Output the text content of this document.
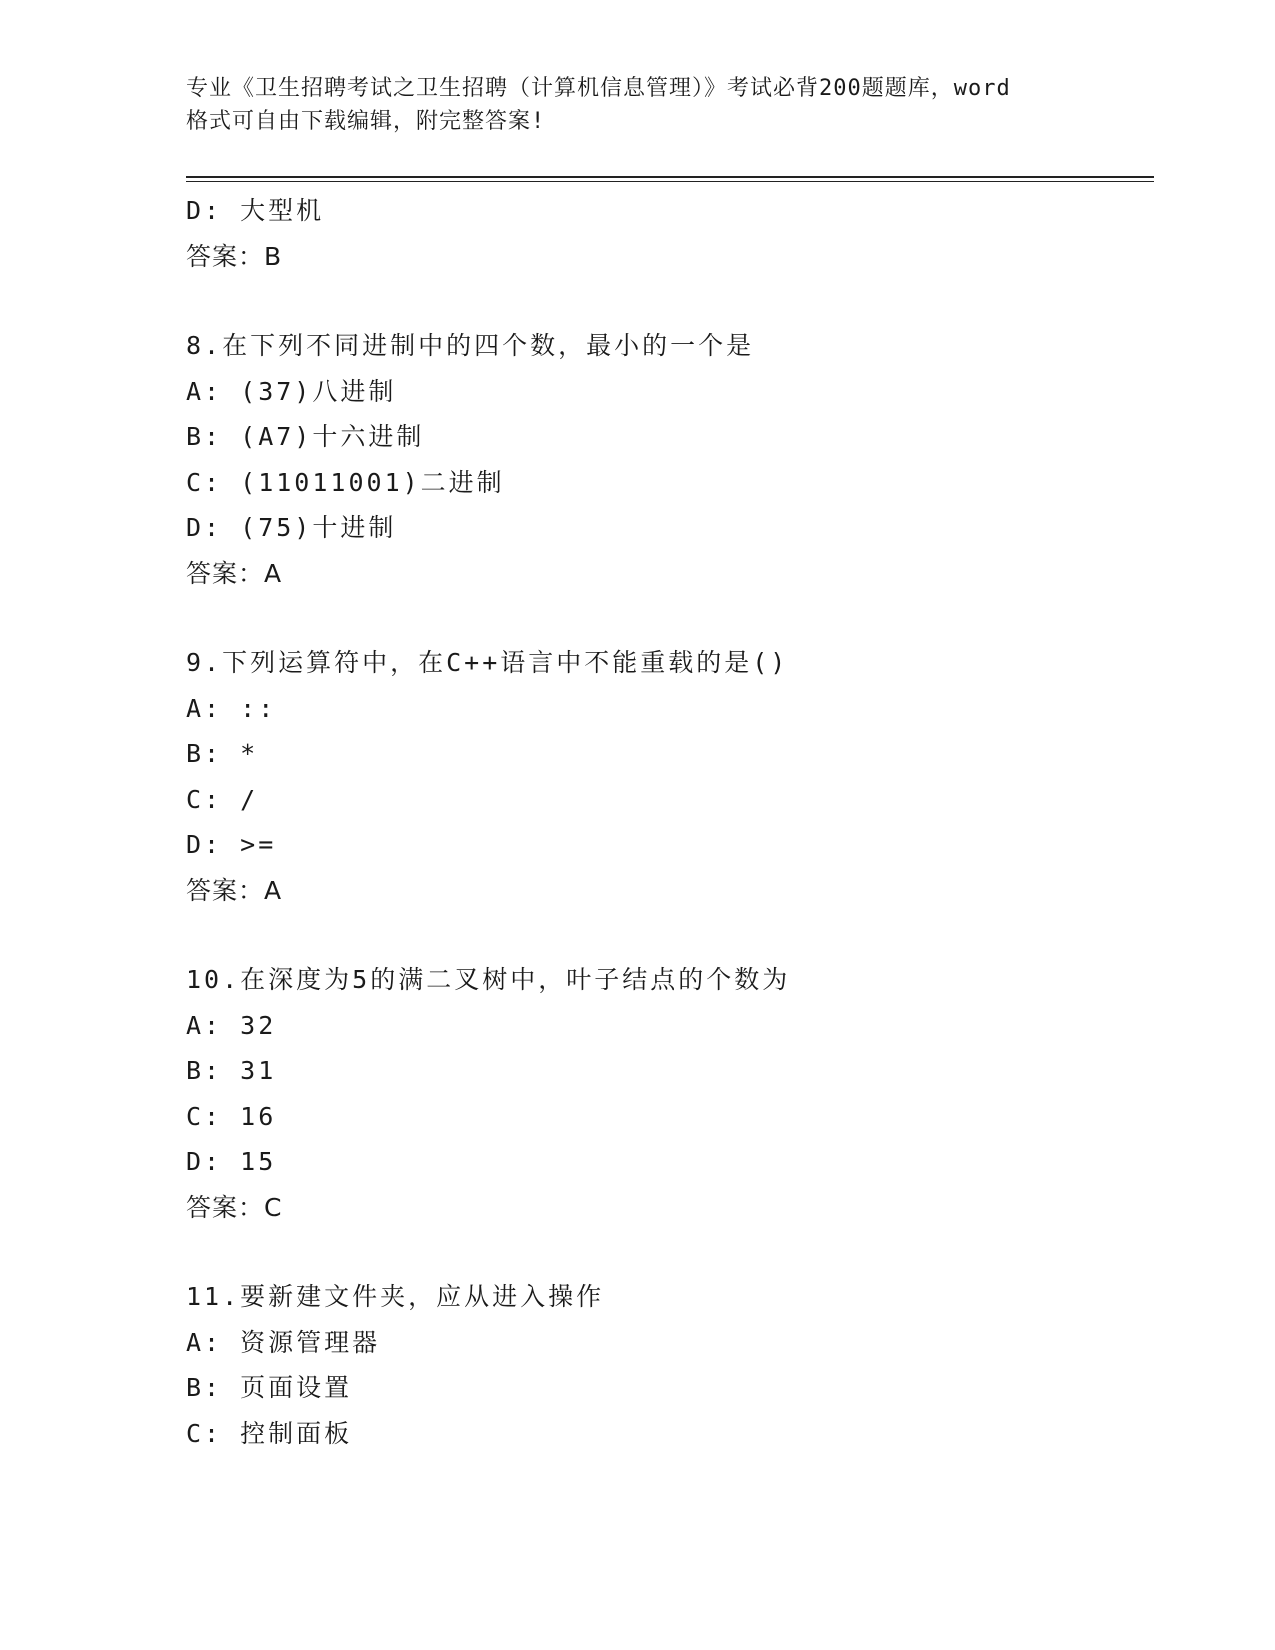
专业《卫生招聘考试之卫生招聘（计算机信息管理）》考试必背200题题库，word
格式可自由下载编辑，附完整答案!
D: 大型机
答案：B
8.在下列不同进制中的四个数，最小的一个是
A: (37)八进制
B: (A7)十六进制
C: (11011001)二进制
D: (75)十进制
答案：A
9.下列运算符中，在C++语言中不能重载的是()
A: ::
B: *
C: /
D: >=
答案：A
10.在深度为5的满二叉树中，叶子结点的个数为
A: 32
B: 31
C: 16
D: 15
答案：C
11.要新建文件夹，应从进入操作
A: 资源管理器
B: 页面设置
C: 控制面板
